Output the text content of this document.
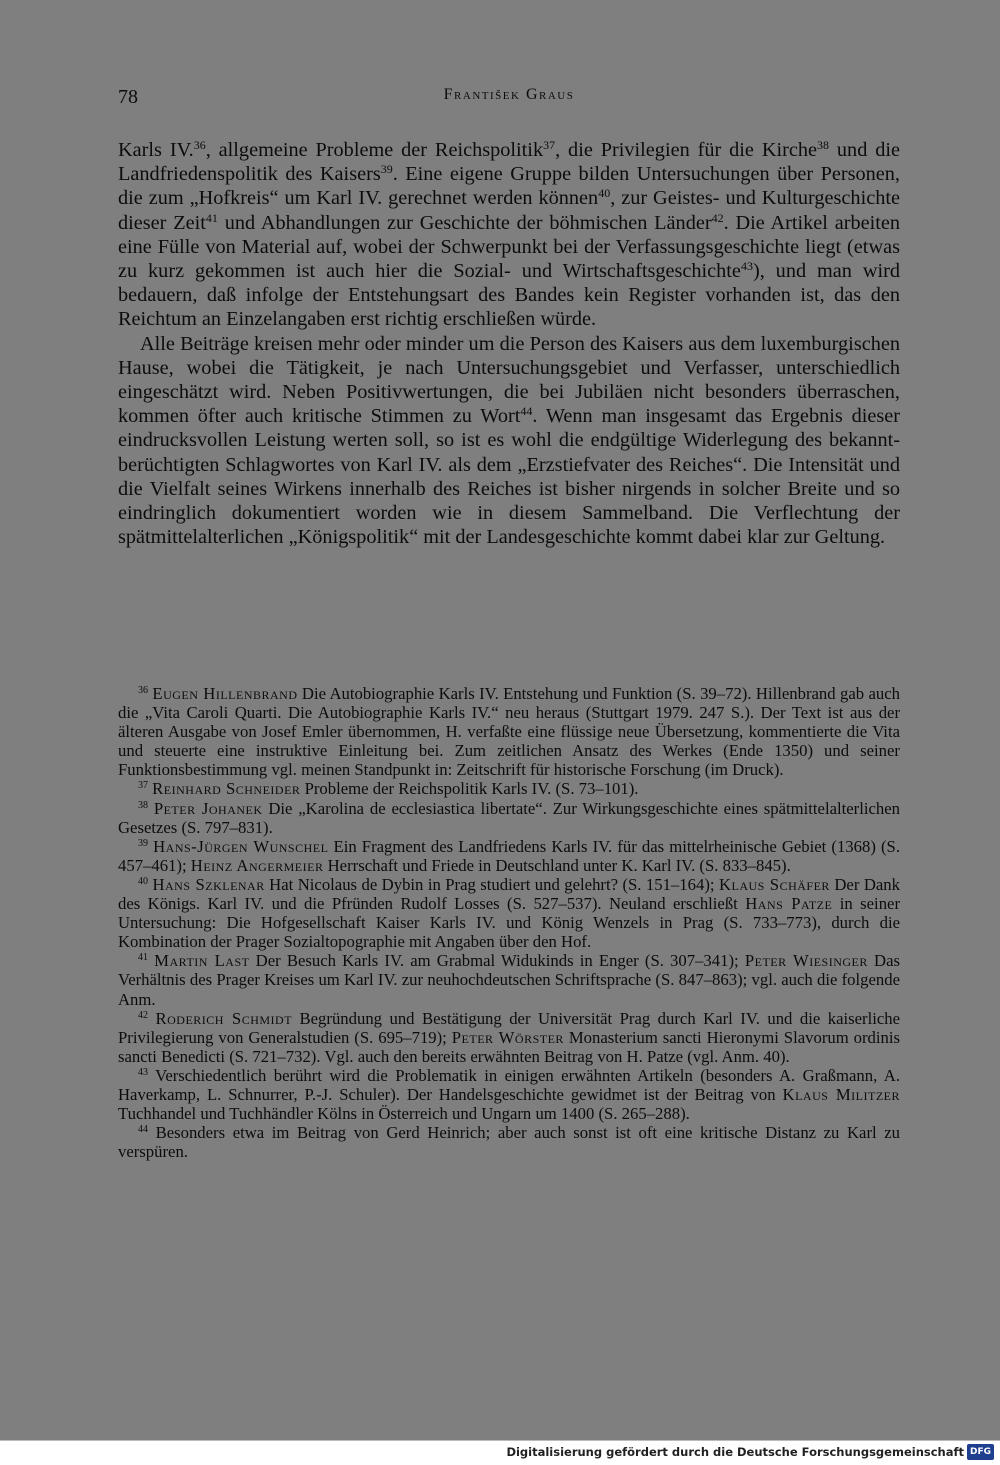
78	František Graus

Karls IV.$^{36}$, allgemeine Probleme der Reichspolitik$^{37}$, die Privilegien für die Kirche$^{38}$ und die Landfriedenspolitik des Kaisers$^{39}$. Eine eigene Gruppe bilden Untersuchungen über Personen, die zum „Hofkreis“ um Karl IV. gerechnet werden können$^{40}$, zur Geistes- und Kulturgeschichte dieser Zeit$^{41}$ und Abhandlungen zur Geschichte der böhmischen Länder$^{42}$. Die Artikel arbeiten eine Fülle von Material auf, wobei der Schwerpunkt bei der Verfassungsgeschichte liegt (etwas zu kurz gekommen ist auch hier die Sozial- und Wirtschaftsgeschichte$^{43}$), und man wird bedauern, daß infolge der Entstehungsart des Bandes kein Register vorhanden ist, das den Reichtum an Einzelangaben erst richtig erschließen würde.

Alle Beiträge kreisen mehr oder minder um die Person des Kaisers aus dem luxemburgischen Hause, wobei die Tätigkeit, je nach Untersuchungsgebiet und Verfasser, unterschiedlich eingeschätzt wird. Neben Positivwertungen, die bei Jubiläen nicht besonders überraschen, kommen öfter auch kritische Stimmen zu Wort$^{44}$. Wenn man insgesamt das Ergebnis dieser eindrucksvollen Leistung werten soll, so ist es wohl die endgültige Widerlegung des bekannt-berüchtigten Schlagwortes von Karl IV. als dem „Erzstiefvater des Reiches“. Die Intensität und die Vielfalt seines Wirkens innerhalb des Reiches ist bisher nirgends in solcher Breite und so eindringlich dokumentiert worden wie in diesem Sammelband. Die Verflechtung der spätmittelalterlichen „Königspolitik“ mit der Landesgeschichte kommt dabei klar zur Geltung.

$^{36}$ Eugen Hillenbrand Die Autobiographie Karls IV. Entstehung und Funktion (S. 39–72). Hillenbrand gab auch die „Vita Caroli Quarti. Die Autobiographie Karls IV.“ neu heraus (Stuttgart 1979. 247 S.). Der Text ist aus der älteren Ausgabe von Josef Emler übernommen, H. verfaßte eine flüssige neue Übersetzung, kommentierte die Vita und steuerte eine instruktive Einleitung bei. Zum zeitlichen Ansatz des Werkes (Ende 1350) und seiner Funktionsbestimmung vgl. meinen Standpunkt in: Zeitschrift für historische Forschung (im Druck).

$^{37}$ Reinhard Schneider Probleme der Reichspolitik Karls IV. (S. 73–101).

$^{38}$ Peter Johanek Die „Karolina de ecclesiastica libertate“. Zur Wirkungsgeschichte eines spätmittelalterlichen Gesetzes (S. 797–831).

$^{39}$ Hans-Jürgen Wunschel Ein Fragment des Landfriedens Karls IV. für das mittelrheinische Gebiet (1368) (S. 457–461); Heinz Angermeier Herrschaft und Friede in Deutschland unter K. Karl IV. (S. 833–845).

$^{40}$ Hans Szklenar Hat Nicolaus de Dybin in Prag studiert und gelehrt? (S. 151–164); Klaus Schäfer Der Dank des Königs. Karl IV. und die Pfründen Rudolf Losses (S. 527–537). Neuland erschließt Hans Patze in seiner Untersuchung: Die Hofgesellschaft Kaiser Karls IV. und König Wenzels in Prag (S. 733–773), durch die Kombination der Prager Sozialtopographie mit Angaben über den Hof.

$^{41}$ Martin Last Der Besuch Karls IV. am Grabmal Widukinds in Enger (S. 307–341); Peter Wiesinger Das Verhältnis des Prager Kreises um Karl IV. zur neuhochdeutschen Schriftsprache (S. 847–863); vgl. auch die folgende Anm.

$^{42}$ Roderich Schmidt Begründung und Bestätigung der Universität Prag durch Karl IV. und die kaiserliche Privilegierung von Generalstudien (S. 695–719); Peter Wörster Monasterium sancti Hieronymi Slavorum ordinis sancti Benedicti (S. 721–732). Vgl. auch den bereits erwähnten Beitrag von H. Patze (vgl. Anm. 40).

$^{43}$ Verschiedentlich berührt wird die Problematik in einigen erwähnten Artikeln (besonders A. Graßmann, A. Haverkamp, L. Schnurrer, P.-J. Schuler). Der Handelsgeschichte gewidmet ist der Beitrag von Klaus Militzer Tuchhandel und Tuchhändler Kölns in Österreich und Ungarn um 1400 (S. 265–288).

$^{44}$ Besonders etwa im Beitrag von Gerd Heinrich; aber auch sonst ist oft eine kritische Distanz zu Karl zu verspüren.

Digitalisierung gefördert durch die Deutsche Forschungsgemeinschaft DFG
